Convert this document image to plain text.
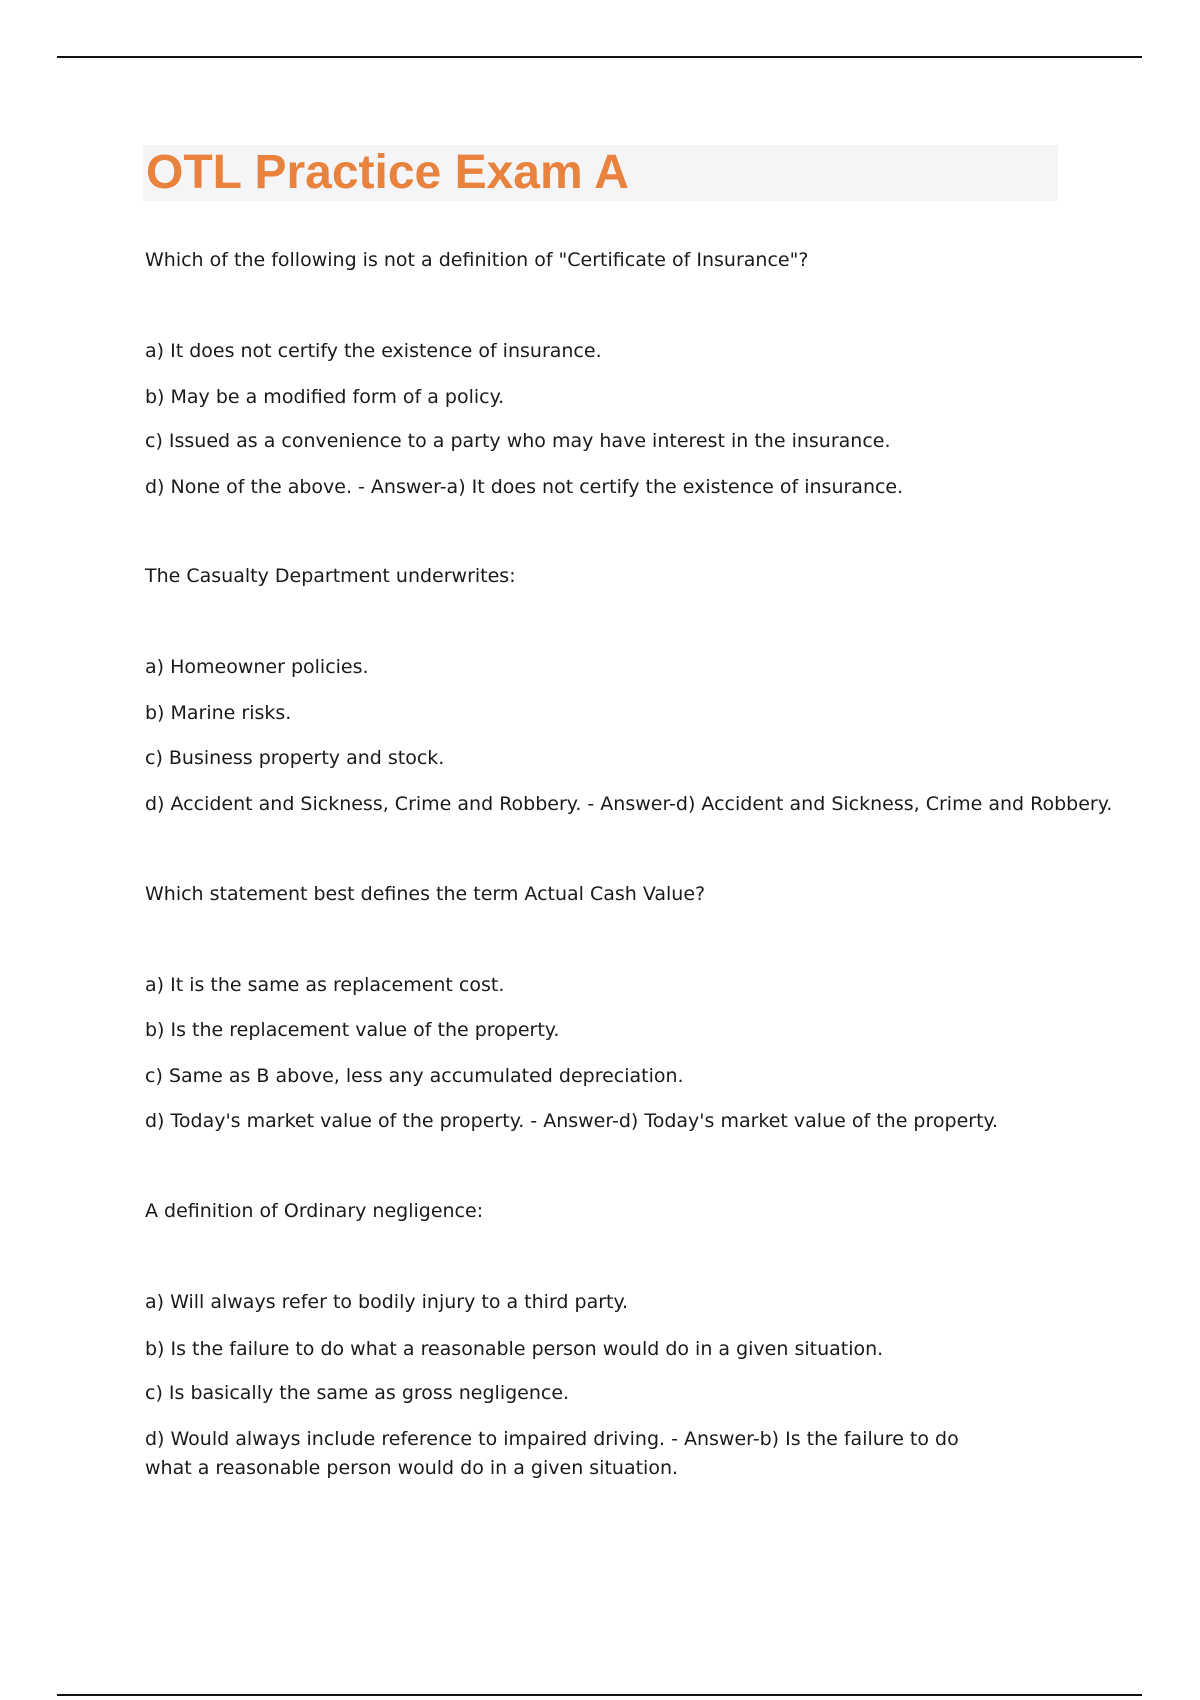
OTL Practice Exam A

Which of the following is not a definition of "Certificate of Insurance"?

a) It does not certify the existence of insurance.

b) May be a modified form of a policy.

c) Issued as a convenience to a party who may have interest in the insurance.

d) None of the above. - Answer-a) It does not certify the existence of insurance.

The Casualty Department underwrites:

a) Homeowner policies.

b) Marine risks.

c) Business property and stock.

d) Accident and Sickness, Crime and Robbery. - Answer-d) Accident and Sickness, Crime and Robbery.

Which statement best defines the term Actual Cash Value?

a) It is the same as replacement cost.

b) Is the replacement value of the property.

c) Same as B above, less any accumulated depreciation.

d) Today's market value of the property. - Answer-d) Today's market value of the property.

A definition of Ordinary negligence:

a) Will always refer to bodily injury to a third party.

b) Is the failure to do what a reasonable person would do in a given situation.

c) Is basically the same as gross negligence.

d) Would always include reference to impaired driving. - Answer-b) Is the failure to do what a reasonable person would do in a given situation.
